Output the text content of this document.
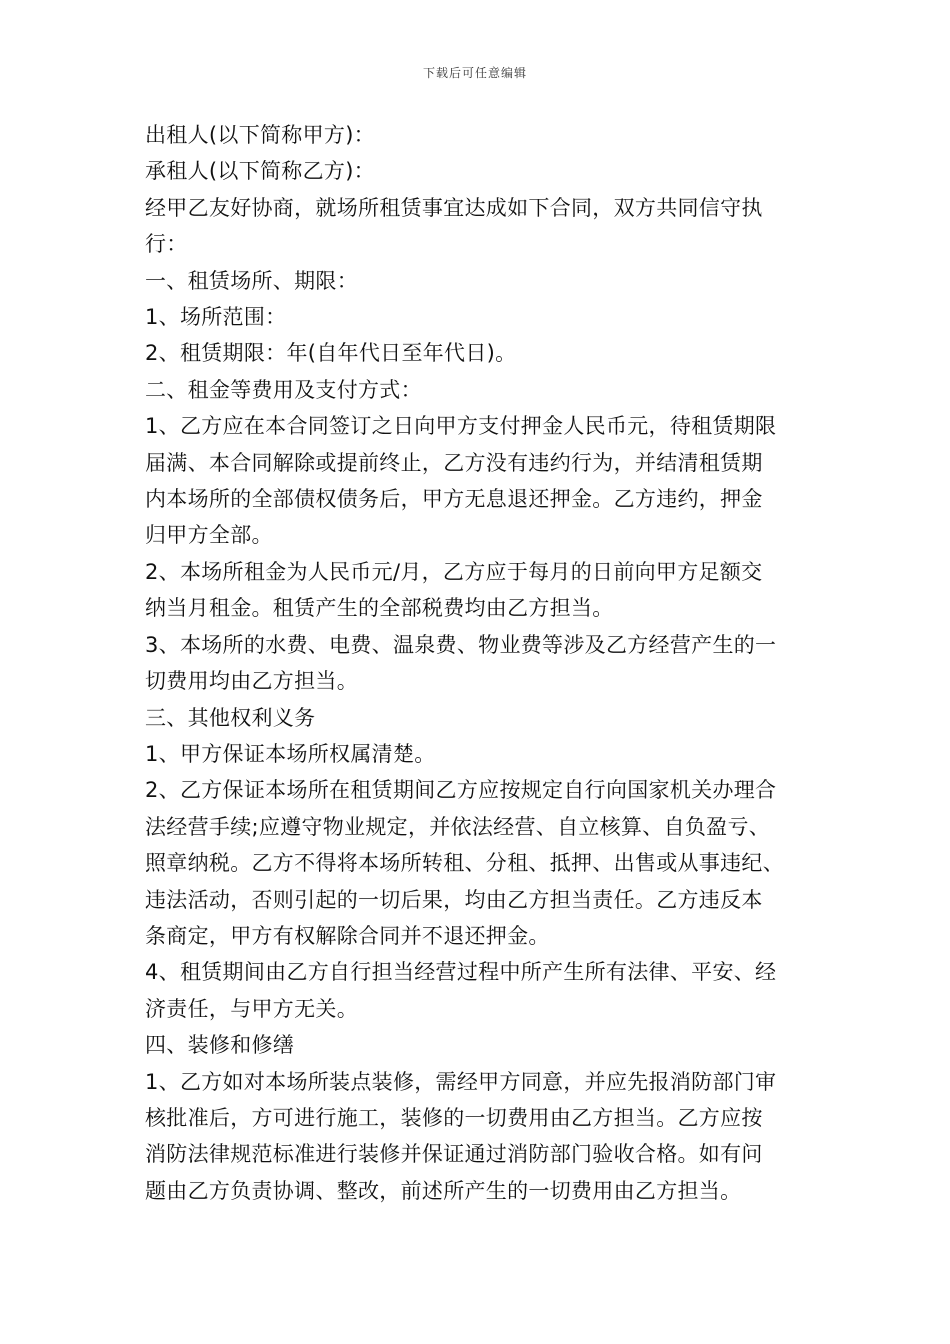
下载后可任意编辑
出租人(以下简称甲方)：
承租人(以下简称乙方)：
经甲乙友好协商，就场所租赁事宜达成如下合同，双方共同信守执
行：
一、租赁场所、期限：
1、场所范围：
2、租赁期限：年(自年代日至年代日)。
二、租金等费用及支付方式：
1、乙方应在本合同签订之日向甲方支付押金人民币元，待租赁期限
届满、本合同解除或提前终止，乙方没有违约行为，并结清租赁期
内本场所的全部债权债务后，甲方无息退还押金。乙方违约，押金
归甲方全部。
2、本场所租金为人民币元/月，乙方应于每月的日前向甲方足额交
纳当月租金。租赁产生的全部税费均由乙方担当。
3、本场所的水费、电费、温泉费、物业费等涉及乙方经营产生的一
切费用均由乙方担当。
三、其他权利义务
1、甲方保证本场所权属清楚。
2、乙方保证本场所在租赁期间乙方应按规定自行向国家机关办理合
法经营手续;应遵守物业规定，并依法经营、自立核算、自负盈亏、
照章纳税。乙方不得将本场所转租、分租、抵押、出售或从事违纪、
违法活动，否则引起的一切后果，均由乙方担当责任。乙方违反本
条商定，甲方有权解除合同并不退还押金。
4、租赁期间由乙方自行担当经营过程中所产生所有法律、平安、经
济责任，与甲方无关。
四、装修和修缮
1、乙方如对本场所装点装修，需经甲方同意，并应先报消防部门审
核批准后，方可进行施工，装修的一切费用由乙方担当。乙方应按
消防法律规范标准进行装修并保证通过消防部门验收合格。如有问
题由乙方负责协调、整改，前述所产生的一切费用由乙方担当。
